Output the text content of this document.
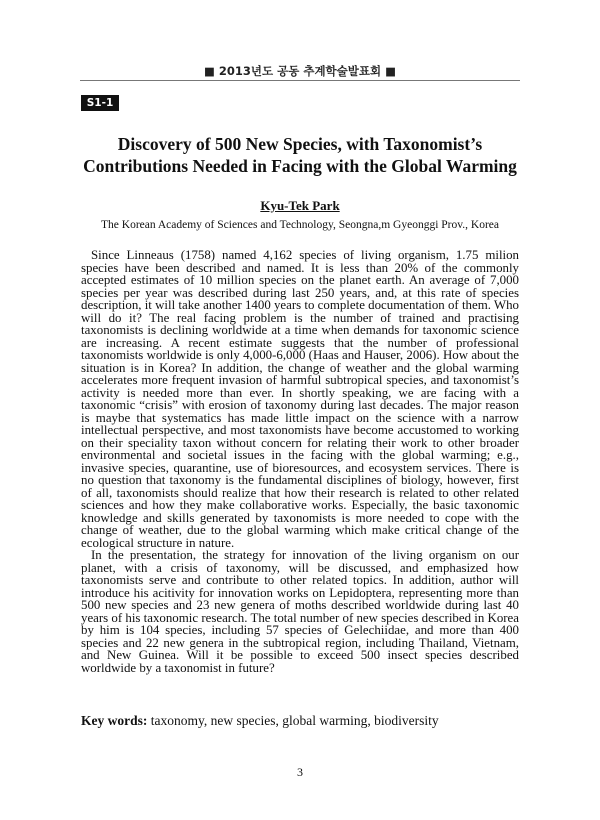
■ 2013년도 공동 추계학술발표회 ■
S1-1
Discovery of 500 New Species, with Taxonomist’s
Contributions Needed in Facing with the Global Warming
Kyu-Tek Park
The Korean Academy of Sciences and Technology, Seongna,m Gyeonggi Prov., Korea

Since Linneaus (1758) named 4,162 species of living organism, 1.75 milion species have been described and named. It is less than 20% of the commonly accepted estimates of 10 million species on the planet earth. An average of 7,000 species per year was described during last 250 years, and, at this rate of species description, it will take another 1400 years to complete documentation of them. Who will do it? The real facing problem is the number of trained and practising taxonomists is declining worldwide at a time when demands for taxonomic science are increasing. A recent estimate suggests that the number of professional taxonomists worldwide is only 4,000-6,000 (Haas and Hauser, 2006). How about the situation is in Korea? In addition, the change of weather and the global warming accelerates more frequent invasion of harmful subtropical species, and taxonomist’s activity is needed more than ever. In shortly speaking, we are facing with a taxonomic “crisis” with erosion of taxonomy during last decades. The major reason is maybe that systematics has made little impact on the science with a narrow intellectual perspective, and most taxonomists have become accustomed to working on their speciality taxon without concern for relating their work to other broader environmental and societal issues in the facing with the global warming; e.g., invasive species, quarantine, use of bioresources, and ecosystem services. There is no question that taxonomy is the fundamental disciplines of biology, however, first of all, taxonomists should realize that how their research is related to other related sciences and how they make collaborative works. Especially, the basic taxonomic knowledge and skills generated by taxonomists is more needed to cope with the change of weather, due to the global warming which make critical change of the ecological structure in nature.

In the presentation, the strategy for innovation of the living organism on our planet, with a crisis of taxonomy, will be discussed, and emphasized how taxonomists serve and contribute to other related topics. In addition, author will introduce his acitivity for innovation works on Lepidoptera, representing more than 500 new species and 23 new genera of moths described worldwide during last 40 years of his taxonomic research. The total number of new species described in Korea by him is 104 species, including 57 species of Gelechiidae, and more than 400 species and 22 new genera in the subtropical region, including Thailand, Vietnam, and New Guinea. Will it be possible to exceed 500 insect species described worldwide by a taxonomist in future?

Key words: taxonomy, new species, global warming, biodiversity
3
